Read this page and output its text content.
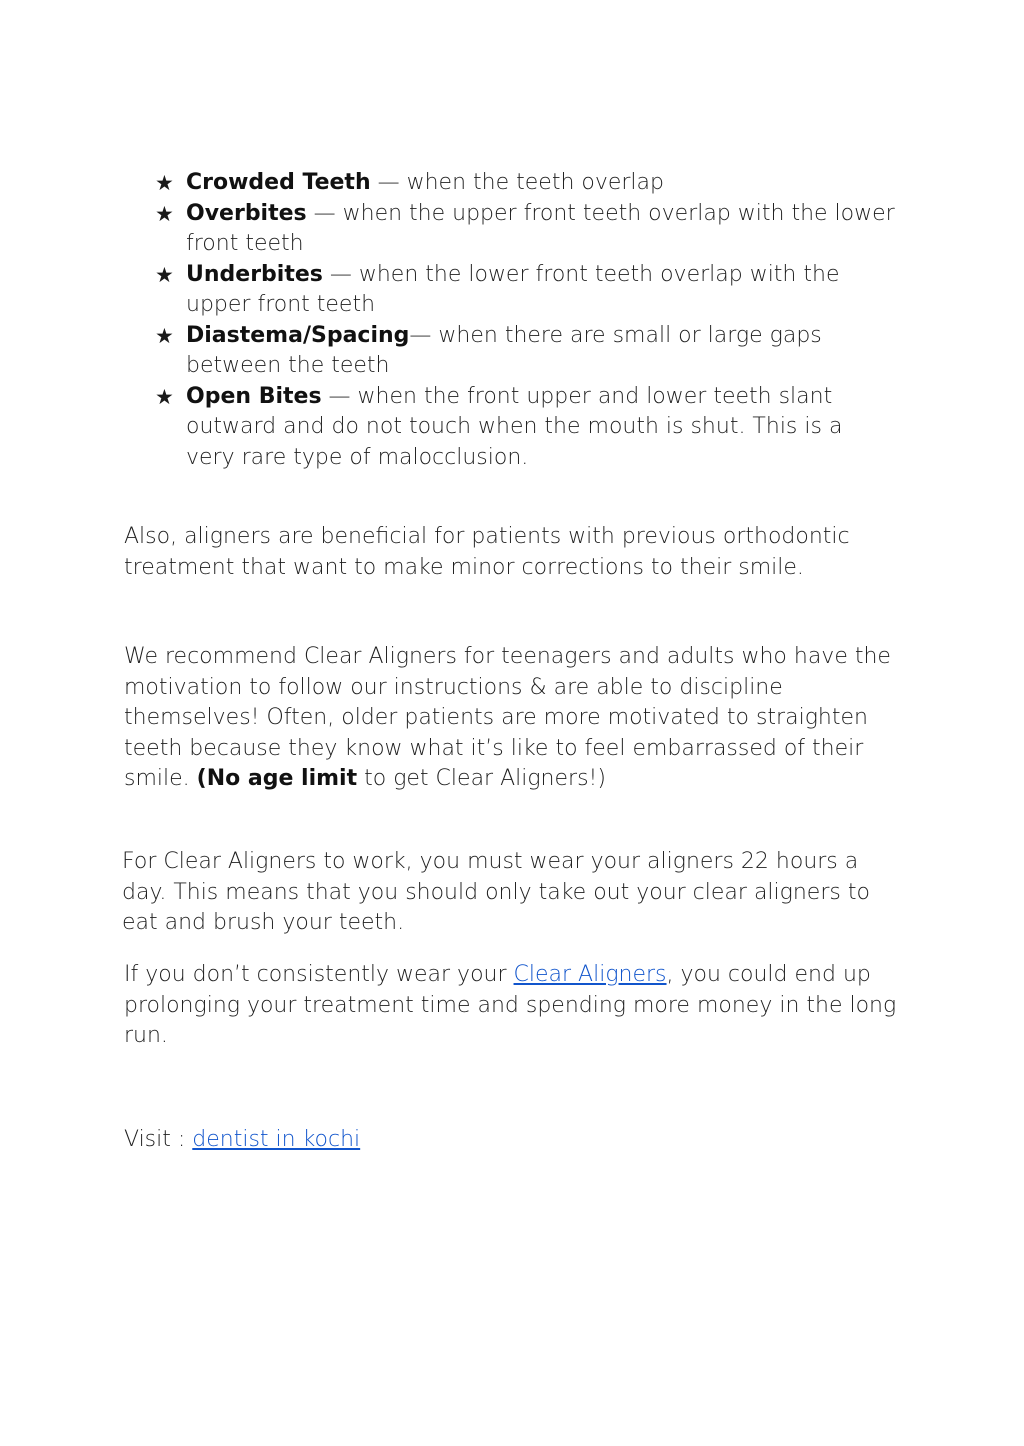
★ Crowded Teeth — when the teeth overlap
★ Overbites — when the upper front teeth overlap with the lower front teeth
★ Underbites — when the lower front teeth overlap with the upper front teeth
★ Diastema/Spacing— when there are small or large gaps between the teeth
★ Open Bites — when the front upper and lower teeth slant outward and do not touch when the mouth is shut. This is a very rare type of malocclusion.

Also, aligners are beneficial for patients with previous orthodontic treatment that want to make minor corrections to their smile.

We recommend Clear Aligners for teenagers and adults who have the motivation to follow our instructions & are able to discipline themselves! Often, older patients are more motivated to straighten teeth because they know what it’s like to feel embarrassed of their smile. (No age limit to get Clear Aligners!)

For Clear Aligners to work, you must wear your aligners 22 hours a day. This means that you should only take out your clear aligners to eat and brush your teeth.

If you don’t consistently wear your Clear Aligners, you could end up prolonging your treatment time and spending more money in the long run.

Visit : dentist in kochi
